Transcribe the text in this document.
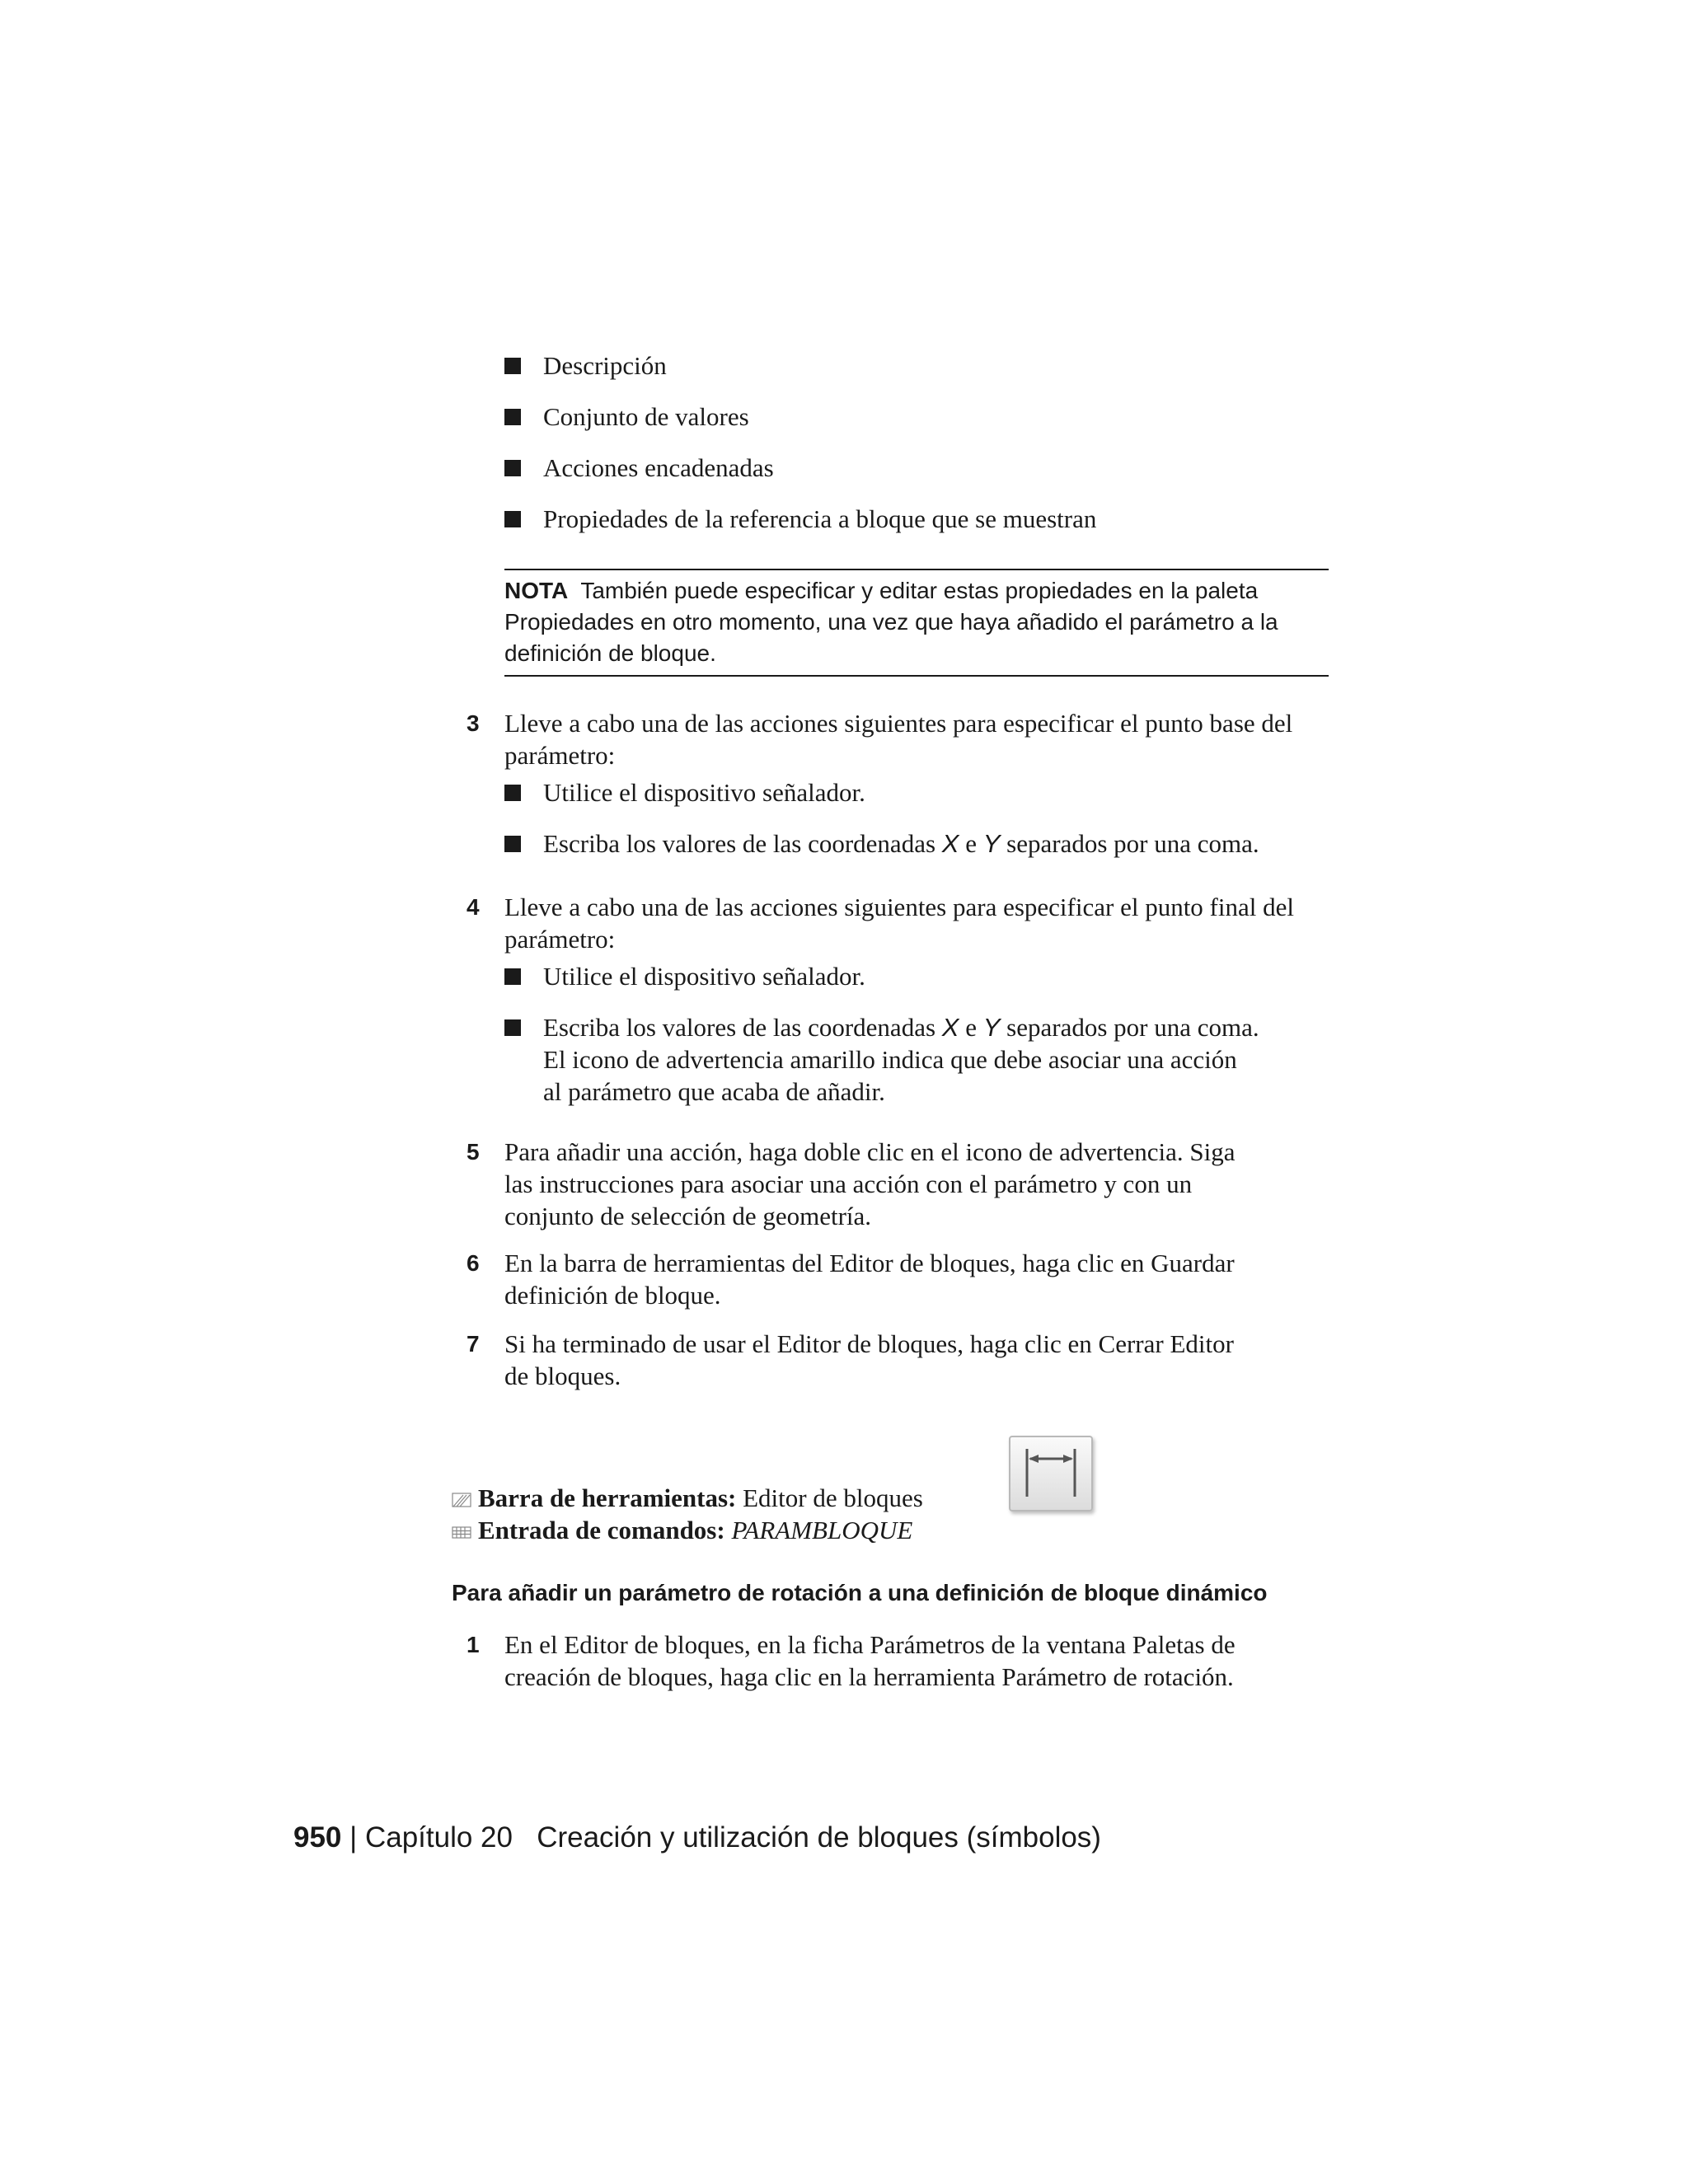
Descripción
Conjunto de valores
Acciones encadenadas
Propiedades de la referencia a bloque que se muestran
NOTA También puede especificar y editar estas propiedades en la paleta Propiedades en otro momento, una vez que haya añadido el parámetro a la definición de bloque.
3 Lleve a cabo una de las acciones siguientes para especificar el punto base del parámetro:
Utilice el dispositivo señalador.
Escriba los valores de las coordenadas X e Y separados por una coma.
4 Lleve a cabo una de las acciones siguientes para especificar el punto final del parámetro:
Utilice el dispositivo señalador.
Escriba los valores de las coordenadas X e Y separados por una coma.
El icono de advertencia amarillo indica que debe asociar una acción
al parámetro que acaba de añadir.
5 Para añadir una acción, haga doble clic en el icono de advertencia. Siga
las instrucciones para asociar una acción con el parámetro y con un
conjunto de selección de geometría.
6 En la barra de herramientas del Editor de bloques, haga clic en Guardar
definición de bloque.
7 Si ha terminado de usar el Editor de bloques, haga clic en Cerrar Editor
de bloques.
Barra de herramientas: Editor de bloques
Entrada de comandos: PARAMBLOQUE
Para añadir un parámetro de rotación a una definición de bloque dinámico
1 En el Editor de bloques, en la ficha Parámetros de la ventana Paletas de
creación de bloques, haga clic en la herramienta Parámetro de rotación.
950 | Capítulo 20 Creación y utilización de bloques (símbolos)
